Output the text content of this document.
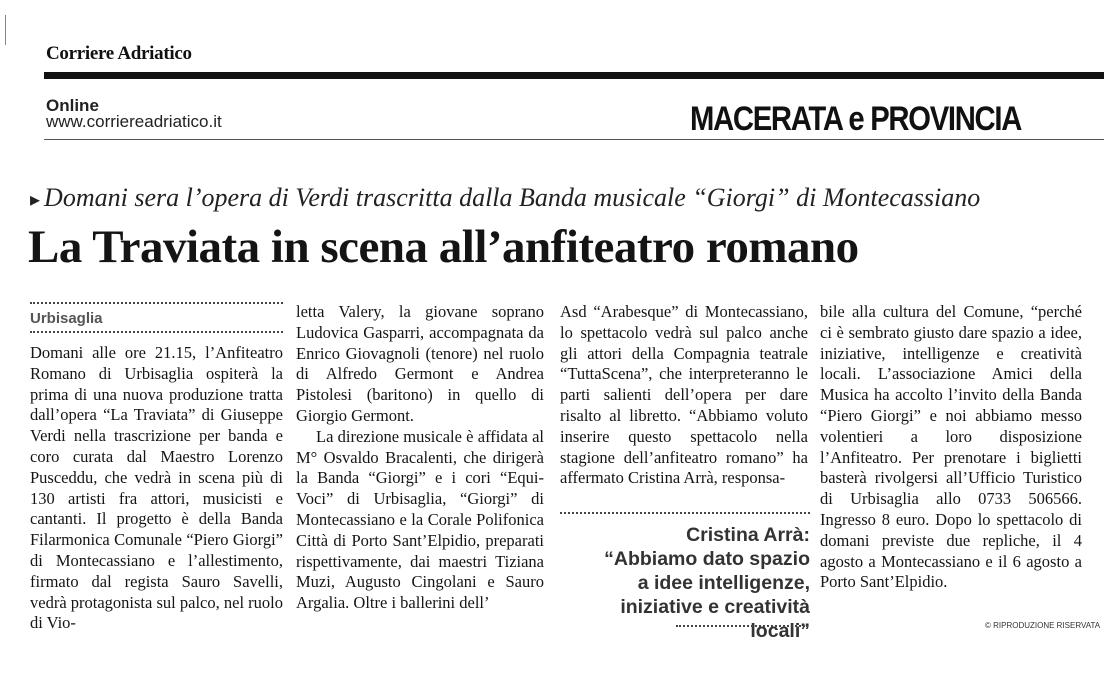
Corriere Adriatico
Online
www.corriereadriatico.it	MACERATA e PROVINCIA
▸ Domani sera l’opera di Verdi trascritta dalla Banda musicale “Giorgi” di Montecassiano
La Traviata in scena all’anfiteatro romano
Urbisaglia

Domani alle ore 21.15, l’Anfiteatro Romano di Urbisaglia ospiterà la prima di una nuova produzione tratta dall’opera “La Traviata” di Giuseppe Verdi nella trascrizione per banda e coro curata dal Maestro Lorenzo Pusceddu, che vedrà in scena più di 130 artisti fra attori, musicisti e cantanti. Il progetto è della Banda Filarmonica Comunale “Piero Giorgi” di Montecassiano e l’allestimento, firmato dal regista Sauro Savelli, vedrà protagonista sul palco, nel ruolo di Vio-

letta Valery, la giovane soprano Ludovica Gasparri, accompagnata da Enrico Giovagnoli (tenore) nel ruolo di Alfredo Germont e Andrea Pistolesi (baritono) in quello di Giorgio Germont.

La direzione musicale è affidata al M° Osvaldo Bracalenti, che dirigerà la Banda “Giorgi” e i cori “Equi-Voci” di Urbisaglia, “Giorgi” di Montecassiano e la Corale Polifonica Città di Porto Sant’Elpidio, preparati rispettivamente, dai maestri Tiziana Muzi, Augusto Cingolani e Sauro Argalia. Oltre i ballerini dell’

Asd “Arabesque” di Montecassiano, lo spettacolo vedrà sul palco anche gli attori della Compagnia teatrale “TuttaScena”, che interpreteranno le parti salienti dell’opera per dare risalto al libretto. “Abbiamo voluto inserire questo spettacolo nella stagione dell’anfiteatro romano” ha affermato Cristina Arrà, responsa-

Cristina Arrà: “Abbiamo dato spazio a idee intelligenze, iniziative e creatività locali”

bile alla cultura del Comune, “perché ci è sembrato giusto dare spazio a idee, iniziative, intelligenze e creatività locali. L’associazione Amici della Musica ha accolto l’invito della Banda “Piero Giorgi” e noi abbiamo messo volentieri a loro disposizione l’Anfiteatro. Per prenotare i biglietti basterà rivolgersi all’Ufficio Turistico di Urbisaglia allo 0733 506566. Ingresso 8 euro. Dopo lo spettacolo di domani previste due repliche, il 4 agosto a Montecassiano e il 6 agosto a Porto Sant’Elpidio.

© RIPRODUZIONE RISERVATA
